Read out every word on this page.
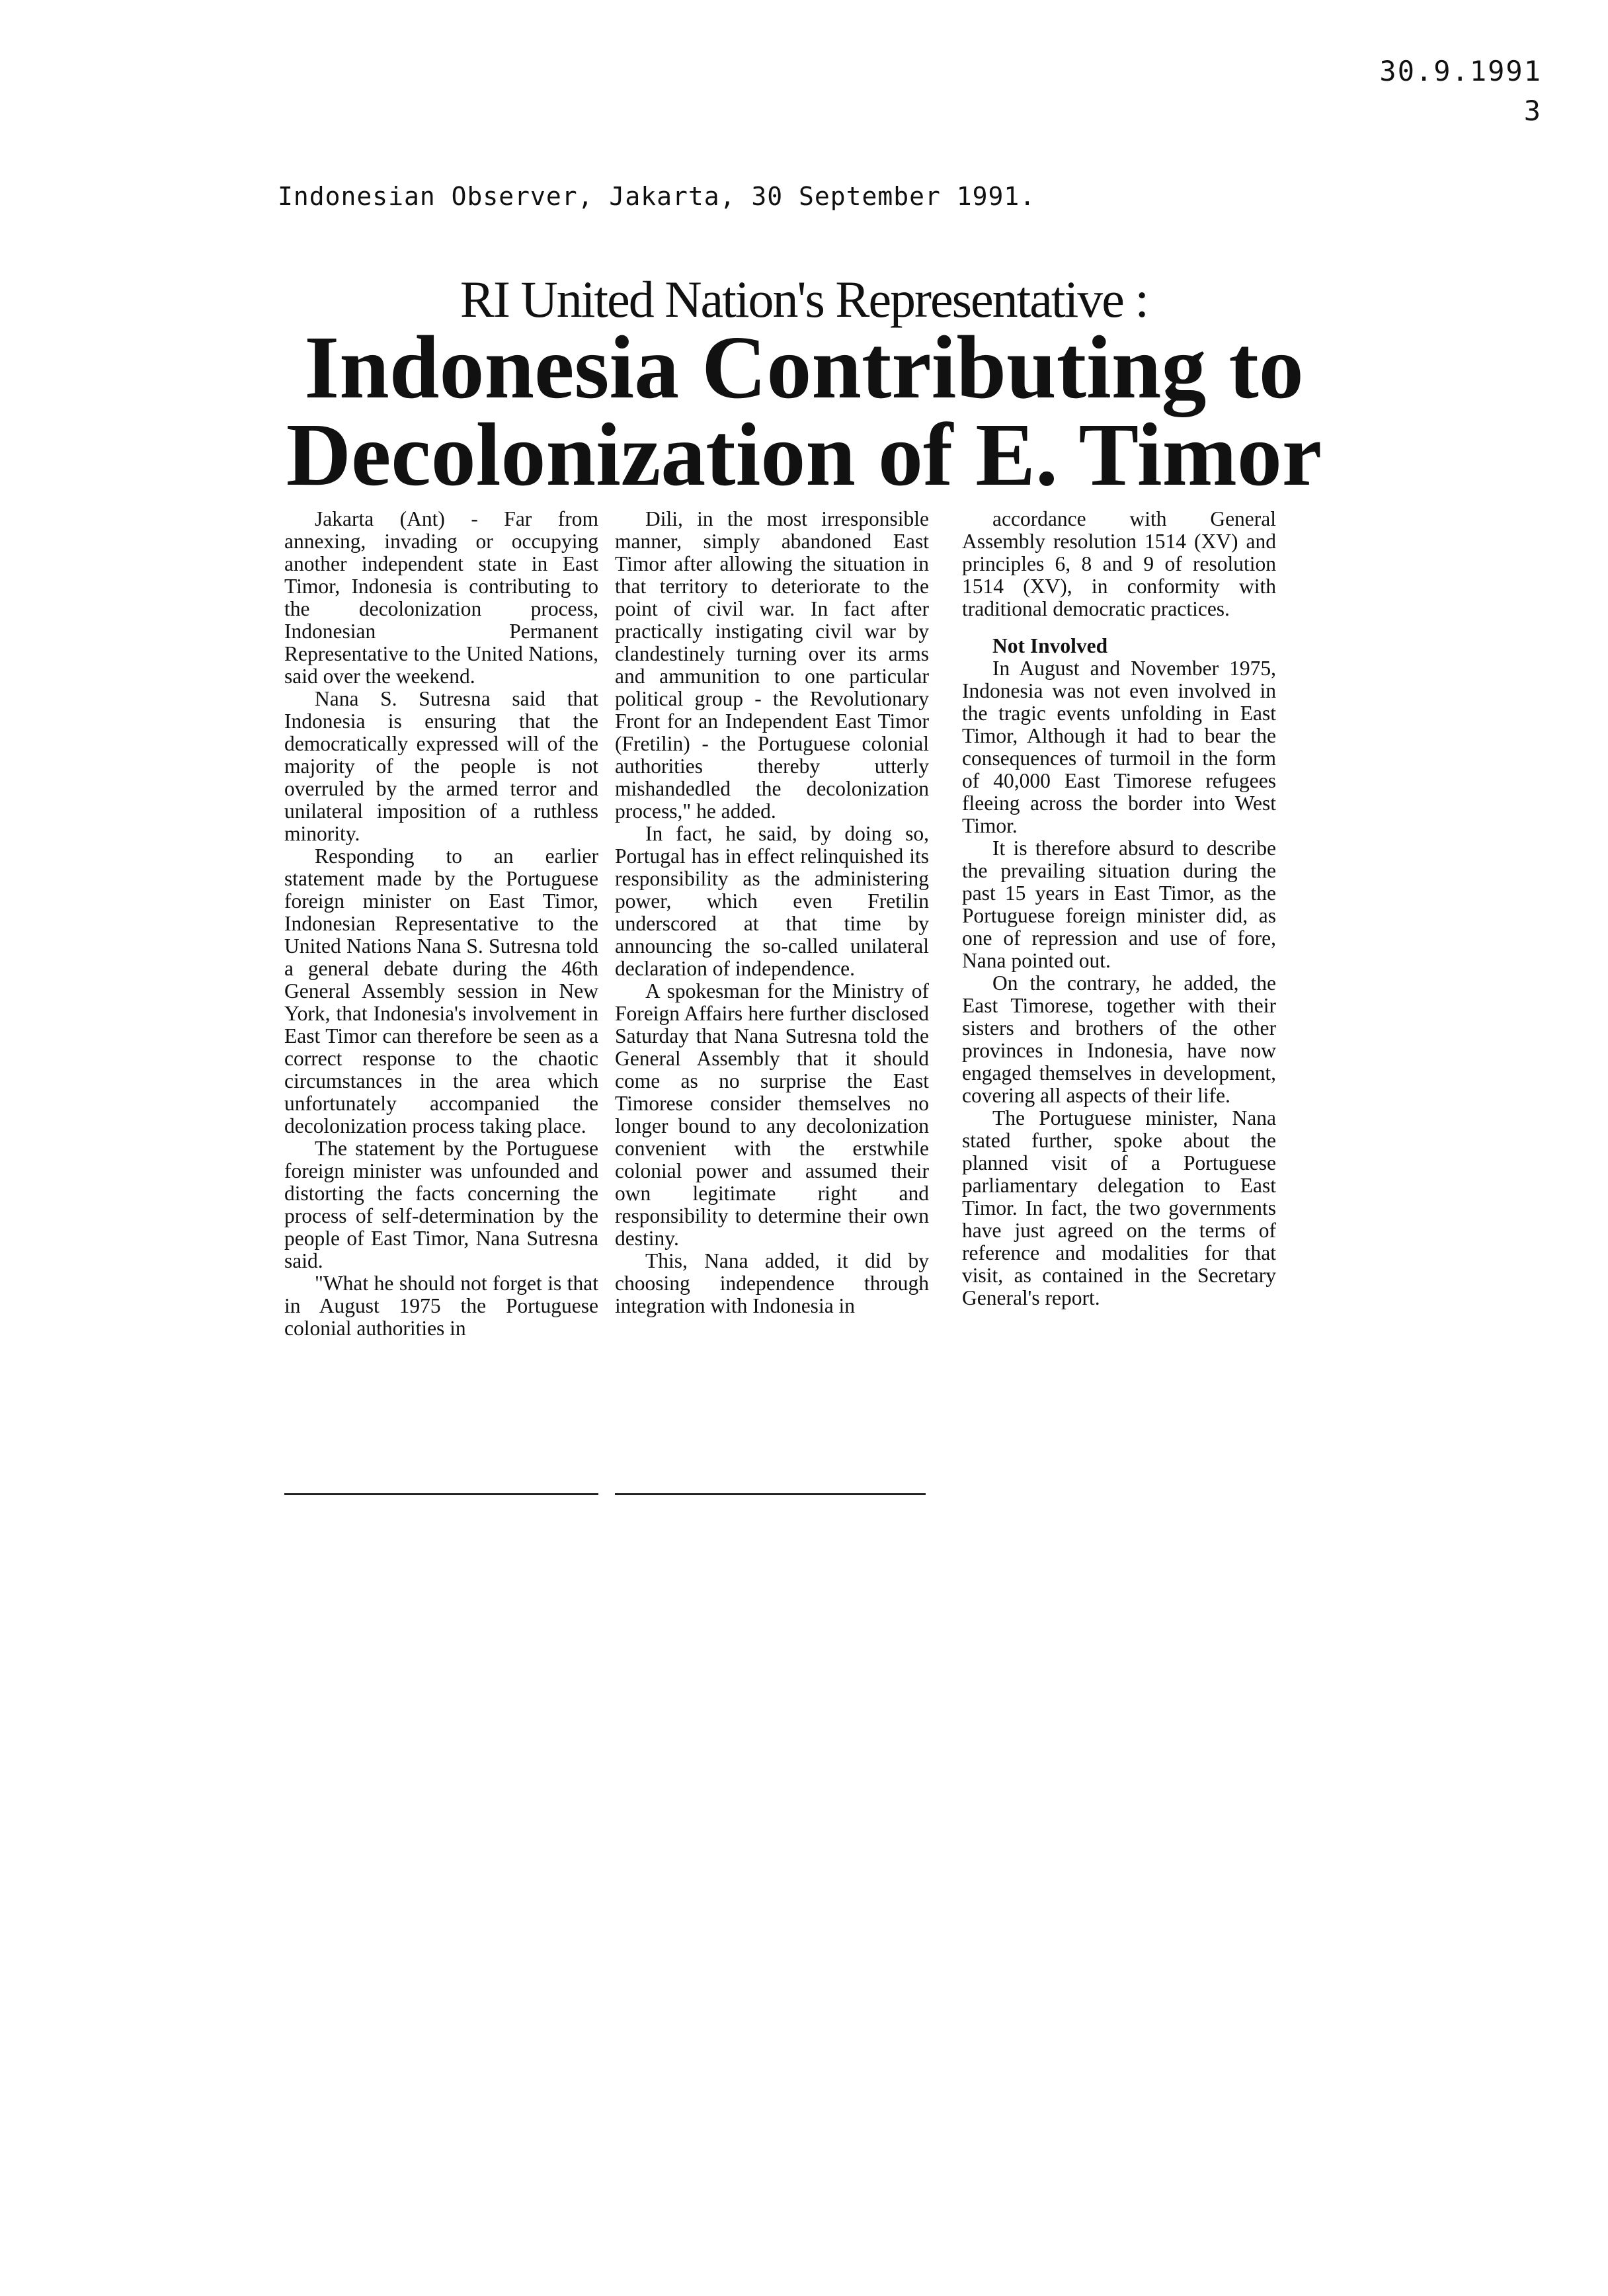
30.9.1991
3
Indonesian Observer, Jakarta, 30 September 1991.
RI United Nation's Representative :
Indonesia Contributing to
Decolonization of E. Timor

Jakarta (Ant) - Far from annexing, invading or occupying another independent state in East Timor, Indonesia is contributing to the decolonization process, Indonesian Permanent Representative to the United Nations, said over the weekend.

Nana S. Sutresna said that Indonesia is ensuring that the democratically expressed will of the majority of the people is not overruled by the armed terror and unilateral imposition of a ruthless minority.

Responding to an earlier statement made by the Portuguese foreign minister on East Timor, Indonesian Representative to the United Nations Nana S. Sutresna told a general debate during the 46th General Assembly session in New York, that Indonesia's involvement in East Timor can therefore be seen as a correct response to the chaotic circumstances in the area which unfortunately accompanied the decolonization process taking place.

The statement by the Portuguese foreign minister was unfounded and distorting the facts concerning the process of self-determination by the people of East Timor, Nana Sutresna said.

"What he should not forget is that in August 1975 the Portuguese colonial authorities in

Dili, in the most irresponsible manner, simply abandoned East Timor after allowing the situation in that territory to deteriorate to the point of civil war. In fact after practically instigating civil war by clandestinely turning over its arms and ammunition to one particular political group - the Revolutionary Front for an Independent East Timor (Fretilin) - the Portuguese colonial authorities thereby utterly mishandedled the decolonization process," he added.

In fact, he said, by doing so, Portugal has in effect relinquished its responsibility as the administering power, which even Fretilin underscored at that time by announcing the so-called unilateral declaration of independence.

A spokesman for the Ministry of Foreign Affairs here further disclosed Saturday that Nana Sutresna told the General Assembly that it should come as no surprise the East Timorese consider themselves no longer bound to any decolonization convenient with the erstwhile colonial power and assumed their own legitimate right and responsibility to determine their own destiny.

This, Nana added, it did by choosing independence through integration with Indonesia in

accordance with General Assembly resolution 1514 (XV) and principles 6, 8 and 9 of resolution 1514 (XV), in conformity with traditional democratic practices.

Not Involved

In August and November 1975, Indonesia was not even involved in the tragic events unfolding in East Timor, Although it had to bear the consequences of turmoil in the form of 40,000 East Timorese refugees fleeing across the border into West Timor.

It is therefore absurd to describe the prevailing situation during the past 15 years in East Timor, as the Portuguese foreign minister did, as one of repression and use of fore, Nana pointed out.

On the contrary, he added, the East Timorese, together with their sisters and brothers of the other provinces in Indonesia, have now engaged themselves in development, covering all aspects of their life.

The Portuguese minister, Nana stated further, spoke about the planned visit of a Portuguese parliamentary delegation to East Timor. In fact, the two governments have just agreed on the terms of reference and modalities for that visit, as contained in the Secretary General's report.
